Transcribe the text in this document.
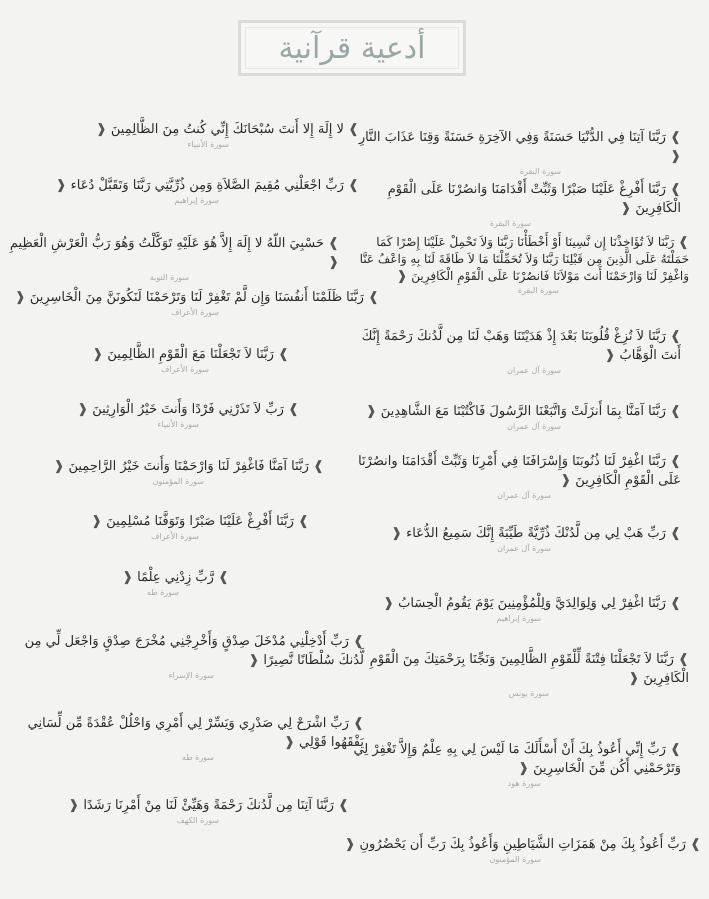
أدعية قرآنية
❱ رَبَّنَا آتِنَا فِي الدُّنْيَا حَسَنَةً وَفِي الآخِرَةِ حَسَنَةً وَقِنَا عَذَابَ النَّارِ ❰
سورة البقرة
❱ رَبَّنَا أَفْرِغْ عَلَيْنَا صَبْرًا وَثَبِّتْ أَقْدَامَنَا وَانصُرْنَا عَلَى الْقَوْمِ الْكَافِرِينَ ❰
سورة البقرة
❱ رَبَّنَا لاَ تُؤَاخِذْنَا إِن نَّسِينَا أَوْ أَخْطَأْنَا رَبَّنَا وَلاَ تَحْمِلْ عَلَيْنَا إِصْرًا كَمَا حَمَلْتَهُ عَلَى الَّذِينَ مِن قَبْلِنَا رَبَّنَا وَلاَ تُحَمِّلْنَا مَا لاَ طَاقَةَ لَنَا بِهِ وَاعْفُ عَنَّا وَاغْفِرْ لَنَا وَارْحَمْنَا أَنتَ مَوْلاَنَا فَانصُرْنَا عَلَى الْقَوْمِ الْكَافِرِينَ ❰
سورة البقرة
❱ رَبَّنَا لاَ تُزِغْ قُلُوبَنَا بَعْدَ إِذْ هَدَيْتَنَا وَهَبْ لَنَا مِن لَّدُنكَ رَحْمَةً إِنَّكَ أَنتَ الْوَهَّابُ ❰
سورة آل عمران
❱ رَبَّنَا آمَنَّا بِمَا أَنزَلَتْ وَاتَّبَعْنَا الرَّسُولَ فَاكْتُبْنَا مَعَ الشَّاهِدِينَ ❰
سورة آل عمران
❱ رَبَّنَا اغْفِرْ لَنَا ذُنُوبَنَا وَإِسْرَافَنَا فِي أَمْرِنَا وَثَبِّتْ أَقْدَامَنَا وانصُرْنَا عَلَى الْقَوْمِ الْكَافِرِينَ ❰
سورة آل عمران
❱ رَبِّ هَبْ لِي مِن لَّدُنْكَ ذُرِّيَّةً طَيِّبَةً إِنَّكَ سَمِيعُ الدُّعَاء ❰
سورة آل عمران
❱ رَبَّنَا اغْفِرْ لِي وَلِوَالِدَيَّ وَلِلْمُؤْمِنِينَ يَوْمَ يَقُومُ الْحِسَابُ ❰
سورة إبراهيم
❱ رَبَّنَا لاَ تَجْعَلْنَا فِتْنَةً لِّلْقَوْمِ الظَّالِمِينَ وَنَجِّنَا بِرَحْمَتِكَ مِنَ الْقَوْمِ الْكَافِرِينَ ❰
سورة يونس
❱ رَبِّ إِنِّي أَعُوذُ بِكَ أَنْ أَسْأَلَكَ مَا لَيْسَ لِي بِهِ عِلْمٌ وَإِلاَّ تَغْفِرْ لِي وَتَرْحَمْنِي أَكُن مِّنَ الْخَاسِرِينَ ❰
سورة هود
❱ رَبِّ أَعُوذُ بِكَ مِنْ هَمَزَاتِ الشَّيَاطِينِ وَأَعُوذُ بِكَ رَبِّ أَن يَحْضُرُونِ ❰
سورة المؤمنون
❱ لا إِلَهَ إِلا أَنتَ سُبْحَانَكَ إِنِّي كُنتُ مِنَ الظَّالِمِينَ ❰
سورة الأنبياء
❱ رَبِّ اجْعَلْنِي مُقِيمَ الصَّلاَةِ وَمِن ذُرِّيَّتِي رَبَّنَا وَتَقَبَّلْ دُعَاء ❰
سورة إبراهيم
❱ حَسْبِيَ اللّهُ لا إِلَهَ إِلاَّ هُوَ عَلَيْهِ تَوَكَّلْتُ وَهُوَ رَبُّ الْعَرْشِ الْعَظِيمِ ❰
سورة التوبة
❱ رَبَّنَا ظَلَمْنَا أَنفُسَنَا وَإِن لَّمْ تَغْفِرْ لَنَا وَتَرْحَمْنَا لَنَكُونَنَّ مِنَ الْخَاسِرِينَ ❰
سورة الأعراف
❱ رَبَّنَا لاَ تَجْعَلْنَا مَعَ الْقَوْمِ الظَّالِمِينَ ❰
سورة الأعراف
❱ رَبِّ لاَ تَذَرْنِي فَرْدًا وَأَنتَ خَيْرُ الْوَارِثِينَ ❰
سورة الأنبياء
❱ رَبَّنَا آمَنَّا فَاغْفِرْ لَنَا وَارْحَمْنَا وَأَنتَ خَيْرُ الرَّاحِمِينَ ❰
سورة المؤمنون
❱ رَبَّنَا أَفْرِغْ عَلَيْنَا صَبْرًا وَتَوَفَّنَا مُسْلِمِينَ ❰
سورة الأعراف
❱ رَّبِّ زِدْنِي عِلْمًا ❰
سورة طه
❱ رَبِّ أَدْخِلْنِي مُدْخَلَ صِدْقٍ وَأَخْرِجْنِي مُخْرَجَ صِدْقٍ وَاجْعَل لِّي مِن لَّدُنكَ سُلْطَانًا نَّصِيرًا ❰
سورة الإسراء
❱ رَبِّ اشْرَحْ لِي صَدْرِي وَيَسِّرْ لِي أَمْرِي وَاحْلُلْ عُقْدَةً مِّن لِّسَانِي يَفْقَهُوا قَوْلِي ❰
سورة طه
❱ رَبَّنَا آتِنَا مِن لَّدُنكَ رَحْمَةً وَهَيِّئْ لَنَا مِنْ أَمْرِنَا رَشَدًا ❰
سورة الكهف
